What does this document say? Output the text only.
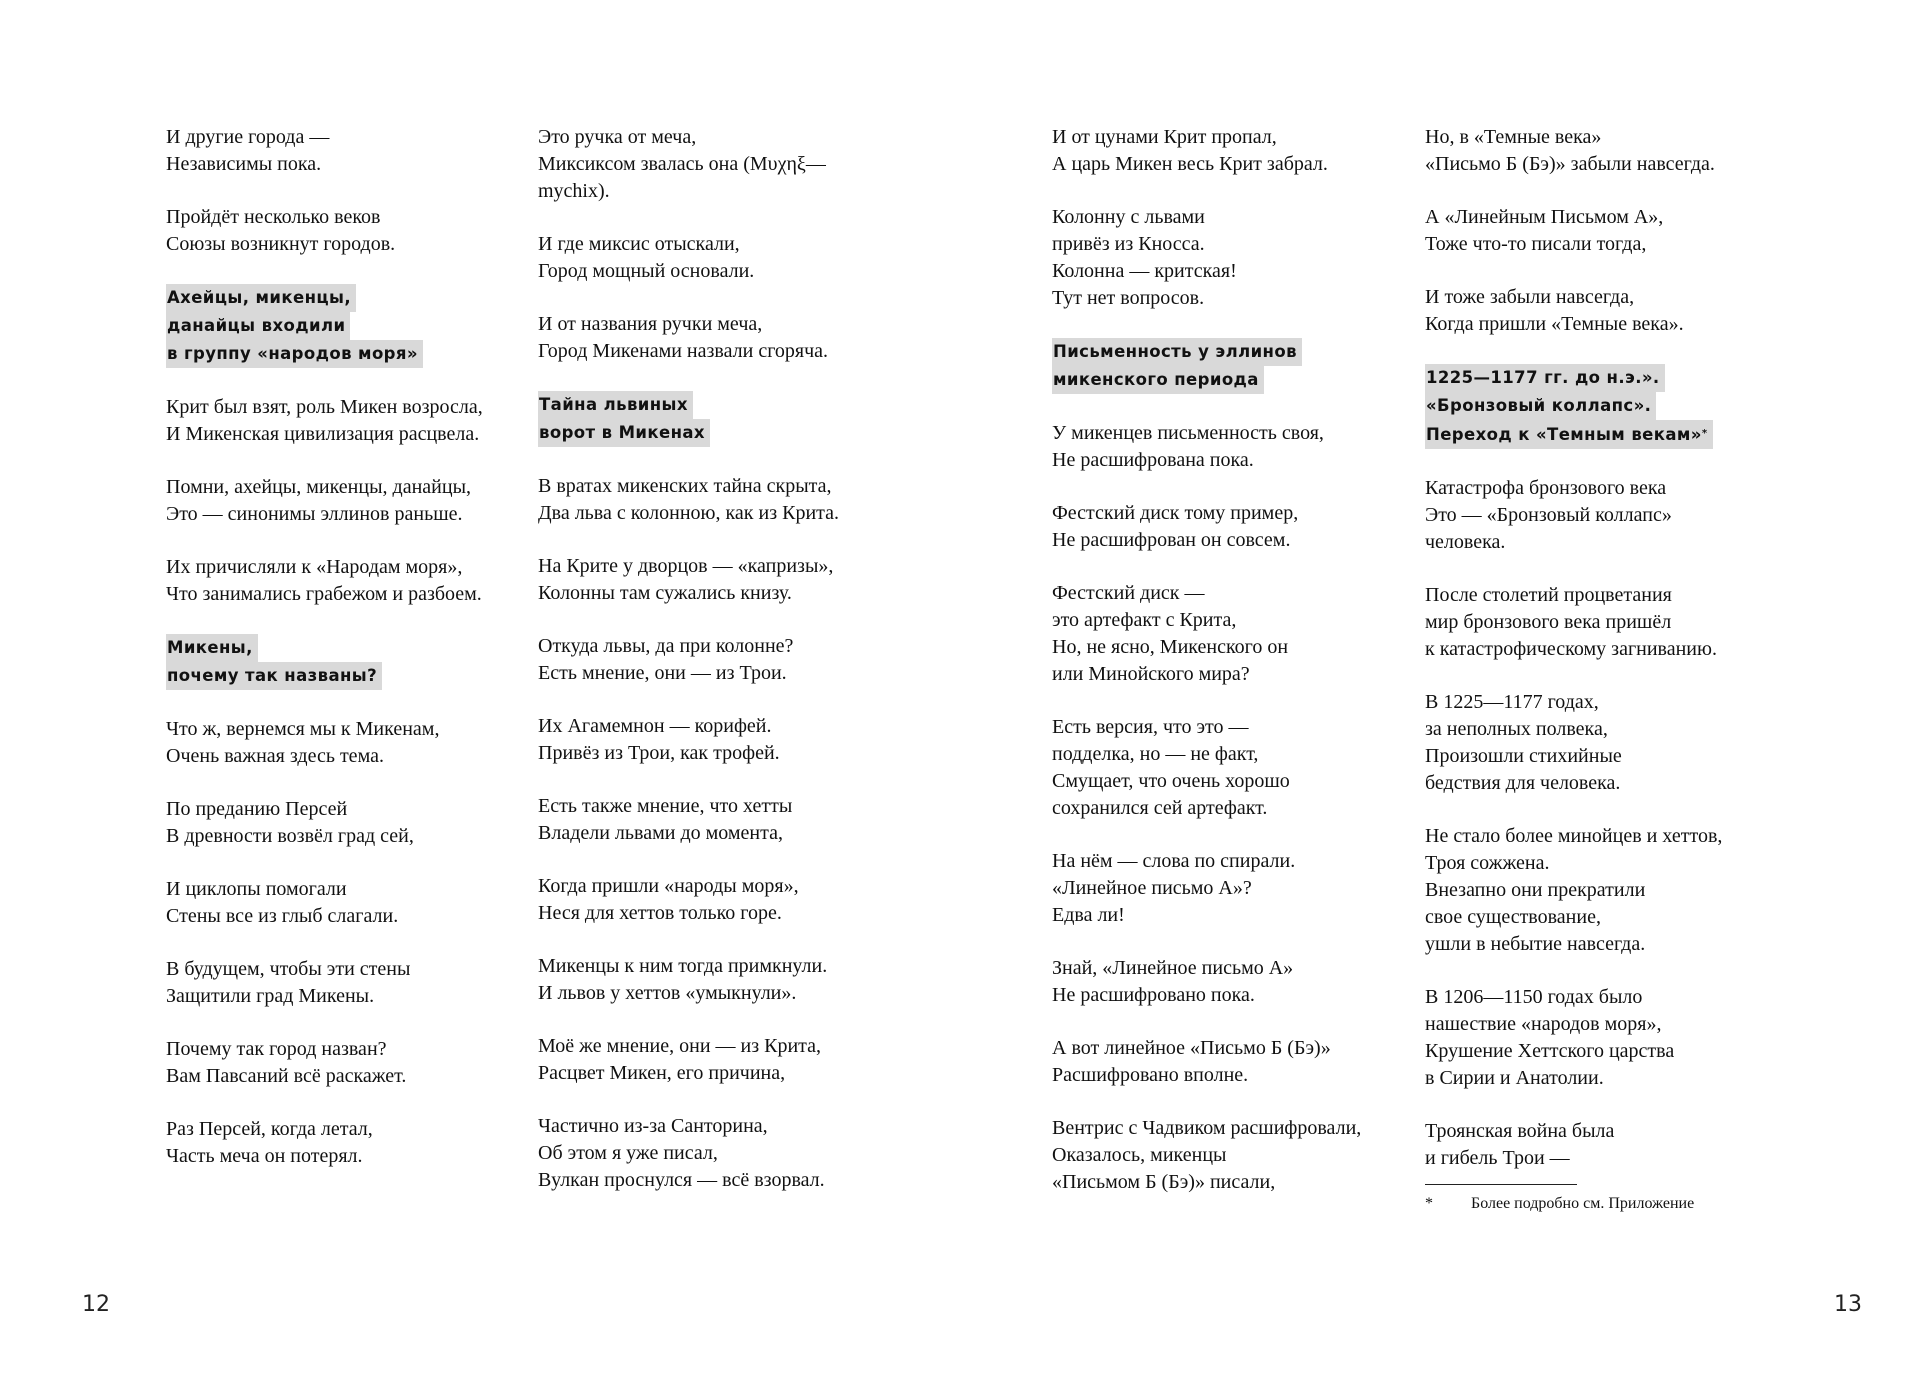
И другие города —
Независимы пока.
Пройдёт несколько веков
Союзы возникнут городов.
Ахейцы, микенцы,
данайцы входили
в группу «народов моря»
Крит был взят, роль Микен возросла,
И Микенская цивилизация расцвела.
Помни, ахейцы, микенцы, данайцы,
Это — синонимы эллинов раньше.
Их причисляли к «Народам моря»,
Что занимались грабежом и разбоем.
Микены,
почему так названы?
Что ж, вернемся мы к Микенам,
Очень важная здесь тема.
По преданию Персей
В древности возвёл град сей,
И циклопы помогали
Стены все из глыб слагали.
В будущем, чтобы эти стены
Защитили град Микены.
Почему так город назван?
Вам Павсаний всё раскажет.
Раз Персей, когда летал,
Часть меча он потерял.
Это ручка от меча,
Миксиксом звалась она (Μυχηξ—
mychix).
И где миксис отыскали,
Город мощный основали.
И от названия ручки меча,
Город Микенами назвали сгоряча.
Тайна львиных
ворот в Микенах
В вратах микенских тайна скрыта,
Два льва с колонною, как из Крита.
На Крите у дворцов — «капризы»,
Колонны там сужались книзу.
Откуда львы, да при колонне?
Есть мнение, они — из Трои.
Их Агамемнон — корифей.
Привёз из Трои, как трофей.
Есть также мнение, что хетты
Владели львами до момента,
Когда пришли «народы моря»,
Неся для хеттов только горе.
Микенцы к ним тогда примкнули.
И львов у хеттов «умыкнули».
Моё же мнение, они — из Крита,
Расцвет Микен, его причина,
Частично из-за Санторина,
Об этом я уже писал,
Вулкан проснулся — всё взорвал.
И от цунами Крит пропал,
А царь Микен весь Крит забрал.
Колонну с львами
привёз из Кносса.
Колонна — критская!
Тут нет вопросов.
Письменность у эллинов
микенского периода
У микенцев письменность своя,
Не расшифрована пока.
Фестский диск тому пример,
Не расшифрован он совсем.
Фестский диск —
это артефакт с Крита,
Но, не ясно, Микенского он
или Минойского мира?
Есть версия, что это —
подделка, но — не факт,
Смущает, что очень хорошо
сохранился сей артефакт.
На нём — слова по спирали.
«Линейное письмо А»?
Едва ли!
Знай, «Линейное письмо А»
Не расшифровано пока.
А вот линейное «Письмо Б (Бэ)»
Расшифровано вполне.
Вентрис с Чадвиком расшифровали,
Оказалось, микенцы
«Письмом Б (Бэ)» писали,
Но, в «Темные века»
«Письмо Б (Бэ)» забыли навсегда.
А «Линейным Письмом А»,
Тоже что-то писали тогда,
И тоже забыли навсегда,
Когда пришли «Темные века».
1225—1177 гг. до н.э.».
«Бронзовый коллапс».
Переход к «Темным векам»*
Катастрофа бронзового века
Это — «Бронзовый коллапс»
человека.
После столетий процветания
мир бронзового века пришёл
к катастрофическому загниванию.
В 1225—1177 годах,
за неполных полвека,
Произошли стихийные
бедствия для человека.
Не стало более минойцев и хеттов,
Троя сожжена.
Внезапно они прекратили
свое существование,
ушли в небытие навсегда.
В 1206—1150 годах было
нашествие «народов моря»,
Крушение Хеттского царства
в Сирии и Анатолии.
Троянская война была
и гибель Трои —
*	Более подробно см. Приложение
12	13
